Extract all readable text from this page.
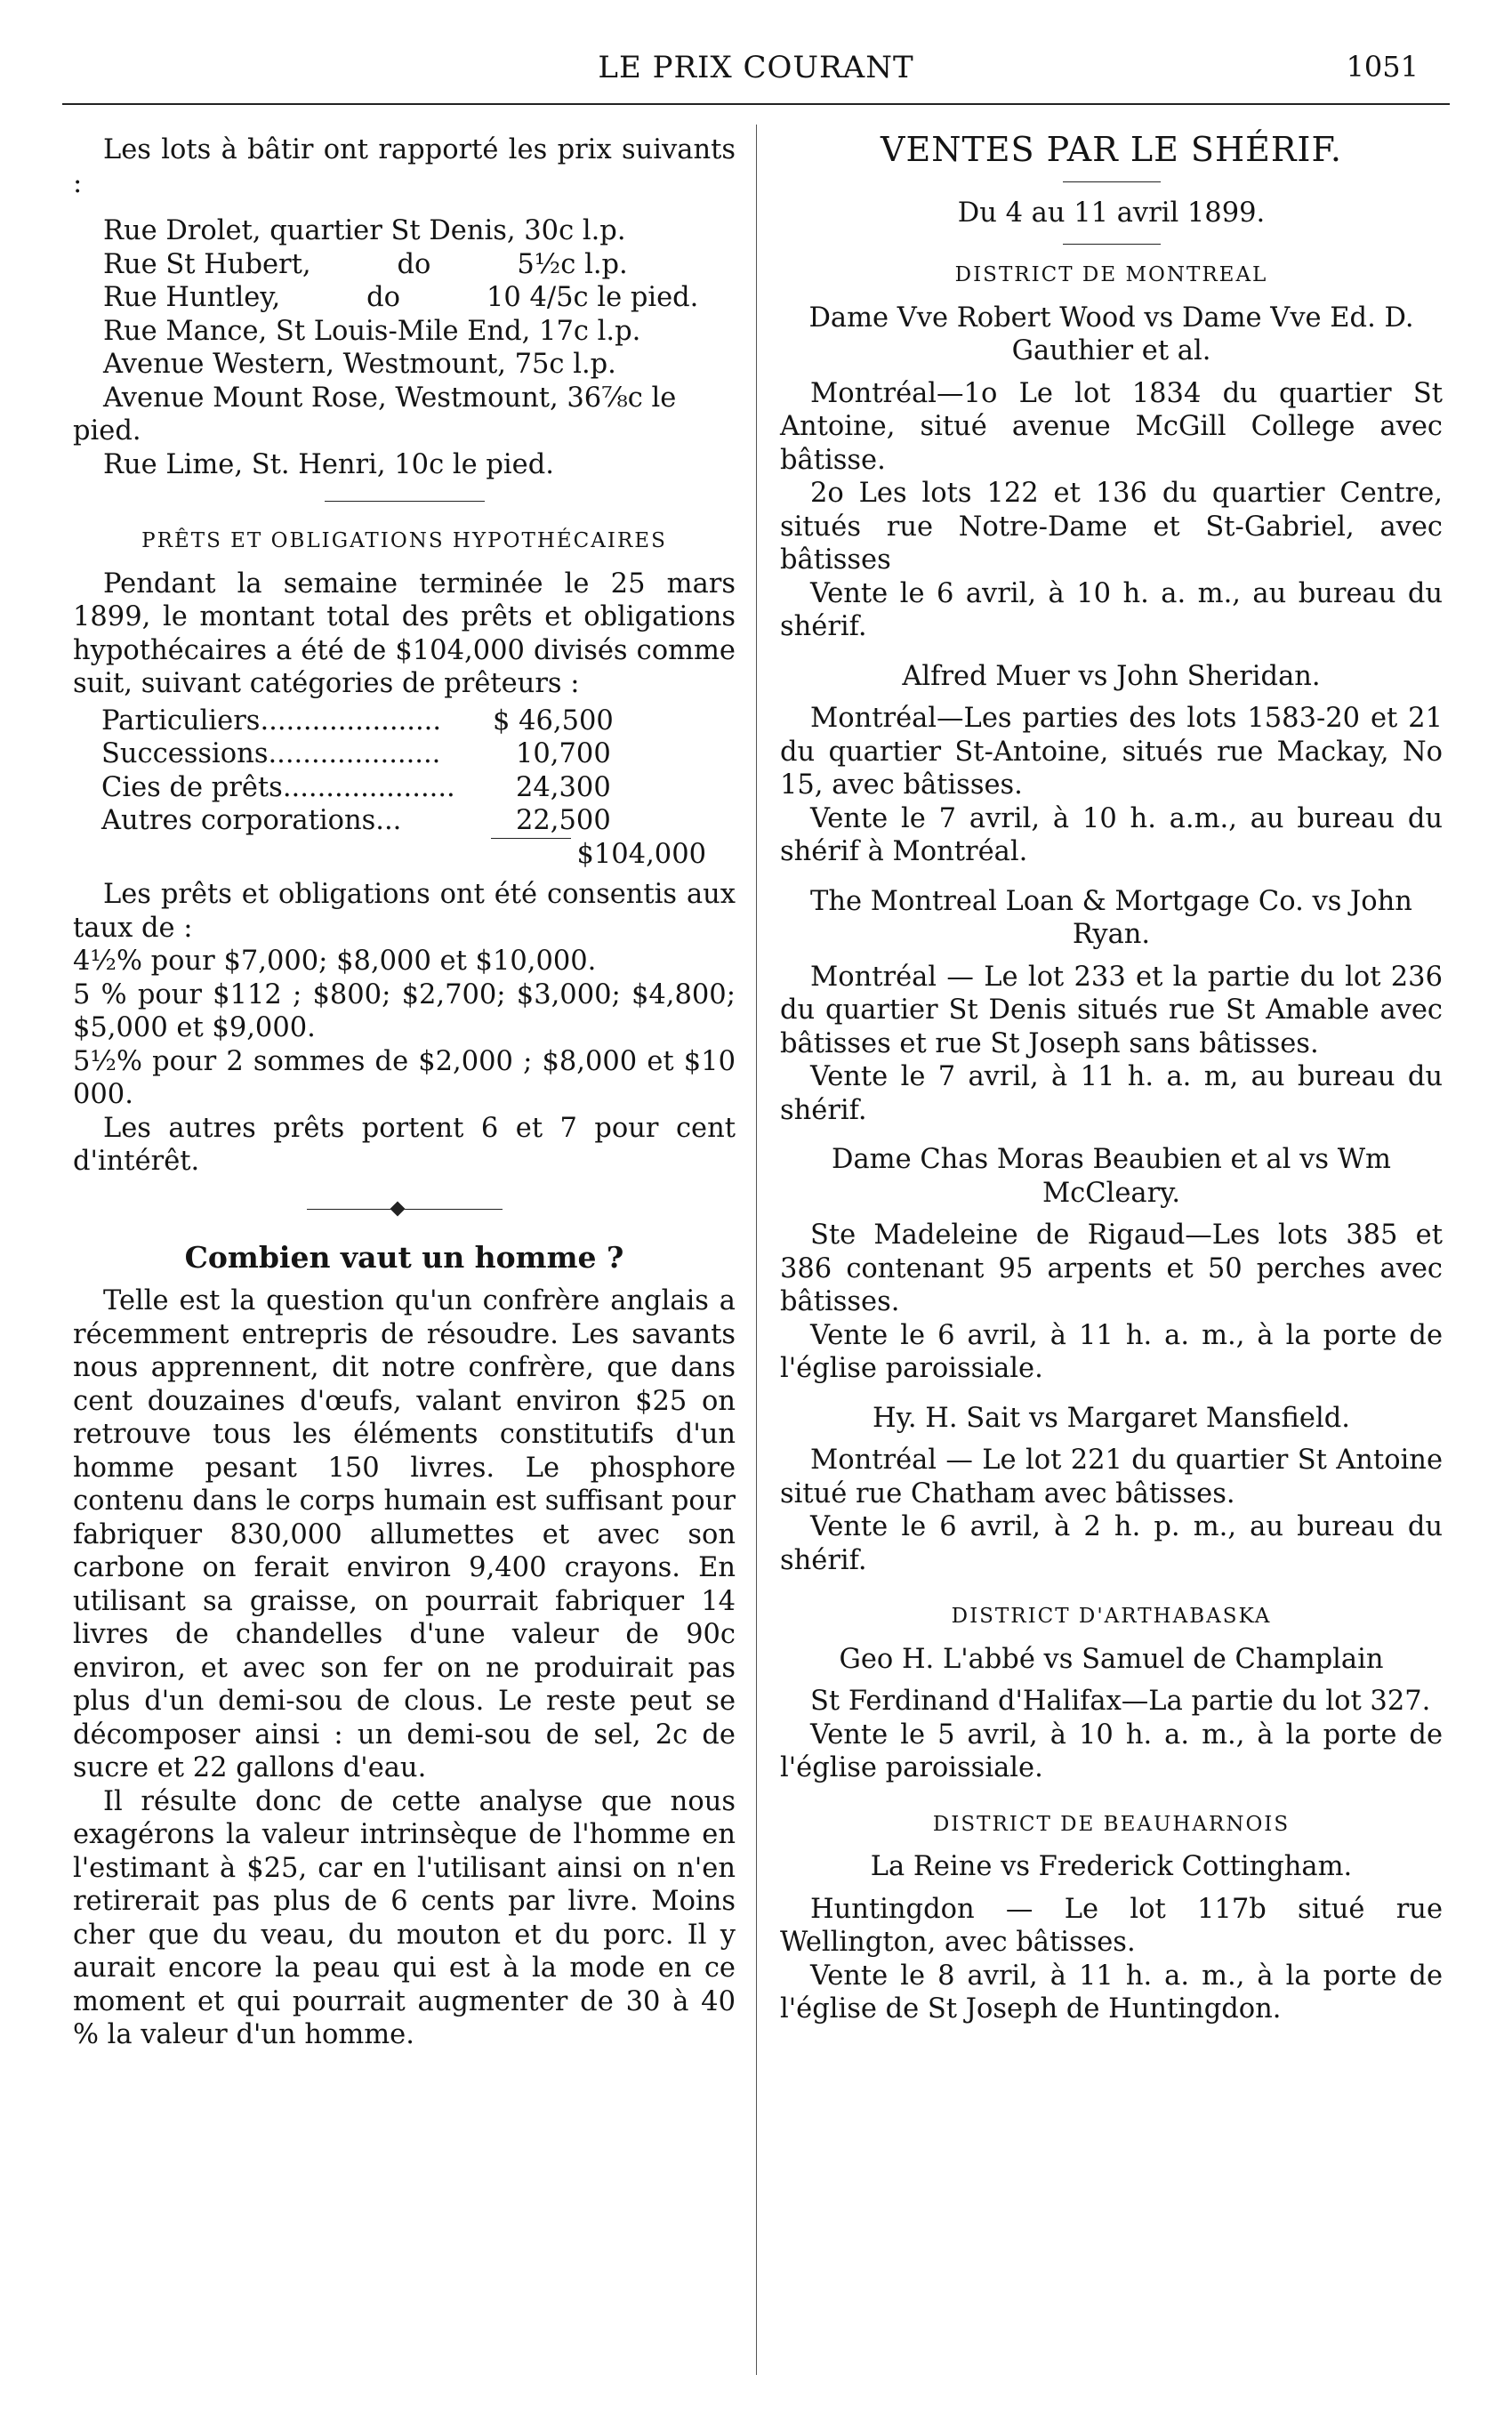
LE PRIX COURANT	1051

Les lots à bâtir ont rapporté les prix suivants :

Rue Drolet, quartier St Denis, 30c l.p.

Rue St Hubert,          do          5½c l.p.

Rue Huntley,          do          10 4/5c le pied.

Rue Mance, St Louis-Mile End, 17c l.p.

Avenue Western, Westmount, 75c l.p.

Avenue Mount Rose, Westmount, 36⅞c le pied.

Rue Lime, St. Henri, 10c le pied.

PRÊTS ET OBLIGATIONS HYPOTHÉCAIRES

Pendant la semaine terminée le 25 mars 1899, le montant total des prêts et obligations hypothécaires a été de $104,000 divisés comme suit, suivant catégories de prêteurs :

Particuliers.....................	$ 46,500
Successions....................	10,700
Cies de prêts....................	24,300
Autres corporations...	22,500
$104,000

Les prêts et obligations ont été consentis aux taux de :

4½% pour $7,000; $8,000 et $10,000.

5 % pour $112 ; $800; $2,700; $3,000; $4,800; $5,000 et $9,000.

5½% pour 2 sommes de $2,000 ; $8,000 et $10 000.

Les autres prêts portent 6 et 7 pour cent d'intérêt.

Combien vaut un homme ?

Telle est la question qu'un confrère anglais a récemment entrepris de résoudre. Les savants nous apprennent, dit notre confrère, que dans cent douzaines d'œufs, valant environ $25 on retrouve tous les éléments constitutifs d'un homme pesant 150 livres. Le phosphore contenu dans le corps humain est suffisant pour fabriquer 830,000 allumettes et avec son carbone on ferait environ 9,400 crayons. En utilisant sa graisse, on pourrait fabriquer 14 livres de chandelles d'une valeur de 90c environ, et avec son fer on ne produirait pas plus d'un demi-sou de clous. Le reste peut se décomposer ainsi : un demi-sou de sel, 2c de sucre et 22 gallons d'eau.

Il résulte donc de cette analyse que nous exagérons la valeur intrinsèque de l'homme en l'estimant à $25, car en l'utilisant ainsi on n'en retirerait pas plus de 6 cents par livre. Moins cher que du veau, du mouton et du porc. Il y aurait encore la peau qui est à la mode en ce moment et qui pourrait augmenter de 30 à 40 % la valeur d'un homme.

VENTES PAR LE SHÉRIF.

Du 4 au 11 avril 1899.

DISTRICT DE MONTREAL

Dame Vve Robert Wood vs Dame Vve Ed. D. Gauthier et al.

Montréal—1o Le lot 1834 du quartier St Antoine, situé avenue McGill College avec bâtisse.

2o Les lots 122 et 136 du quartier Centre, situés rue Notre-Dame et St-Gabriel, avec bâtisses

Vente le 6 avril, à 10 h. a. m., au bureau du shérif.

Alfred Muer vs John Sheridan.

Montréal—Les parties des lots 1583-20 et 21 du quartier St-Antoine, situés rue Mackay, No 15, avec bâtisses.

Vente le 7 avril, à 10 h. a.m., au bureau du shérif à Montréal.

The Montreal Loan & Mortgage Co. vs John Ryan.

Montréal — Le lot 233 et la partie du lot 236 du quartier St Denis situés rue St Amable avec bâtisses et rue St Joseph sans bâtisses.

Vente le 7 avril, à 11 h. a. m, au bureau du shérif.

Dame Chas Moras Beaubien et al vs Wm McCleary.

Ste Madeleine de Rigaud—Les lots 385 et 386 contenant 95 arpents et 50 perches avec bâtisses.

Vente le 6 avril, à 11 h. a. m., à la porte de l'église paroissiale.

Hy. H. Sait vs Margaret Mansfield.

Montréal — Le lot 221 du quartier St Antoine situé rue Chatham avec bâtisses.

Vente le 6 avril, à 2 h. p. m., au bureau du shérif.

DISTRICT D'ARTHABASKA

Geo H. L'abbé vs Samuel de Champlain

St Ferdinand d'Halifax—La partie du lot 327.

Vente le 5 avril, à 10 h. a. m., à la porte de l'église paroissiale.

DISTRICT DE BEAUHARNOIS

La Reine vs Frederick Cottingham.

Huntingdon — Le lot 117b situé rue Wellington, avec bâtisses.

Vente le 8 avril, à 11 h. a. m., à la porte de l'église de St Joseph de Huntingdon.
